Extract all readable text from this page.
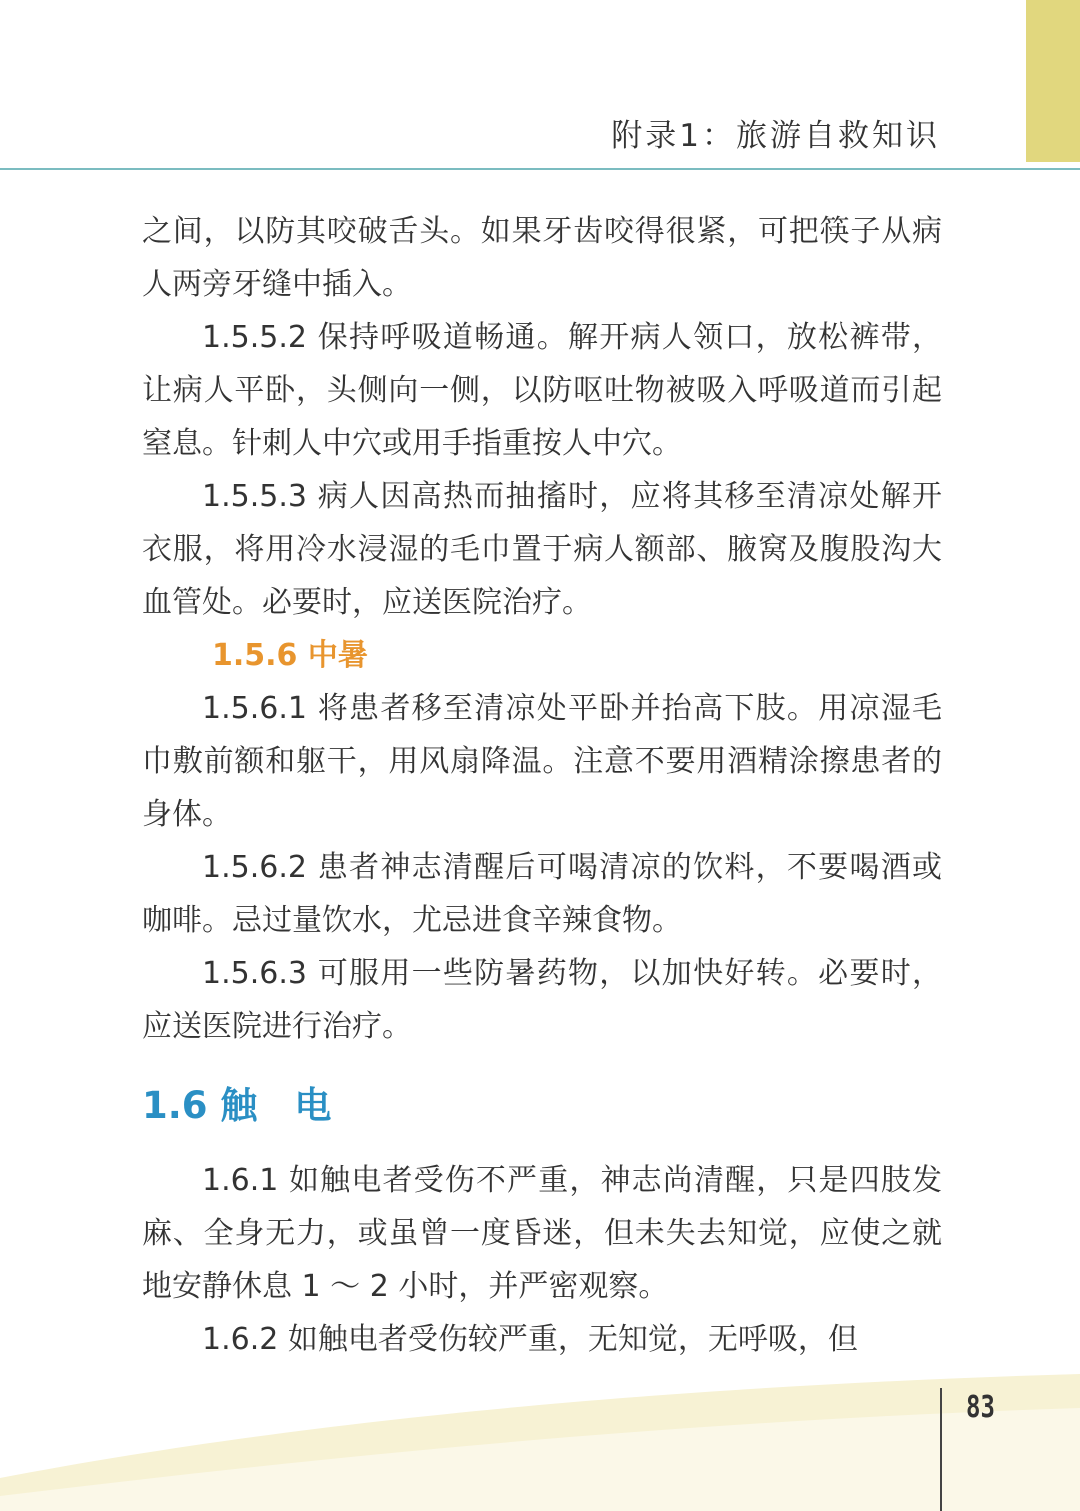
附录1：旅游自救知识

之间，以防其咬破舌头。如果牙齿咬得很紧，可把筷子从病人两旁牙缝中插入。

1.5.5.2 保持呼吸道畅通。解开病人领口，放松裤带，让病人平卧，头侧向一侧，以防呕吐物被吸入呼吸道而引起窒息。针刺人中穴或用手指重按人中穴。

1.5.5.3 病人因高热而抽搐时，应将其移至清凉处解开衣服，将用冷水浸湿的毛巾置于病人额部、腋窝及腹股沟大血管处。必要时，应送医院治疗。

1.5.6 中暑

1.5.6.1 将患者移至清凉处平卧并抬高下肢。用凉湿毛巾敷前额和躯干，用风扇降温。注意不要用酒精涂擦患者的身体。

1.5.6.2 患者神志清醒后可喝清凉的饮料，不要喝酒或咖啡。忌过量饮水，尤忌进食辛辣食物。

1.5.6.3 可服用一些防暑药物，以加快好转。必要时，应送医院进行治疗。

1.6 触　电

1.6.1 如触电者受伤不严重，神志尚清醒，只是四肢发麻、全身无力，或虽曾一度昏迷，但未失去知觉，应使之就地安静休息 1 ～ 2 小时，并严密观察。

1.6.2 如触电者受伤较严重，无知觉，无呼吸，但

83
